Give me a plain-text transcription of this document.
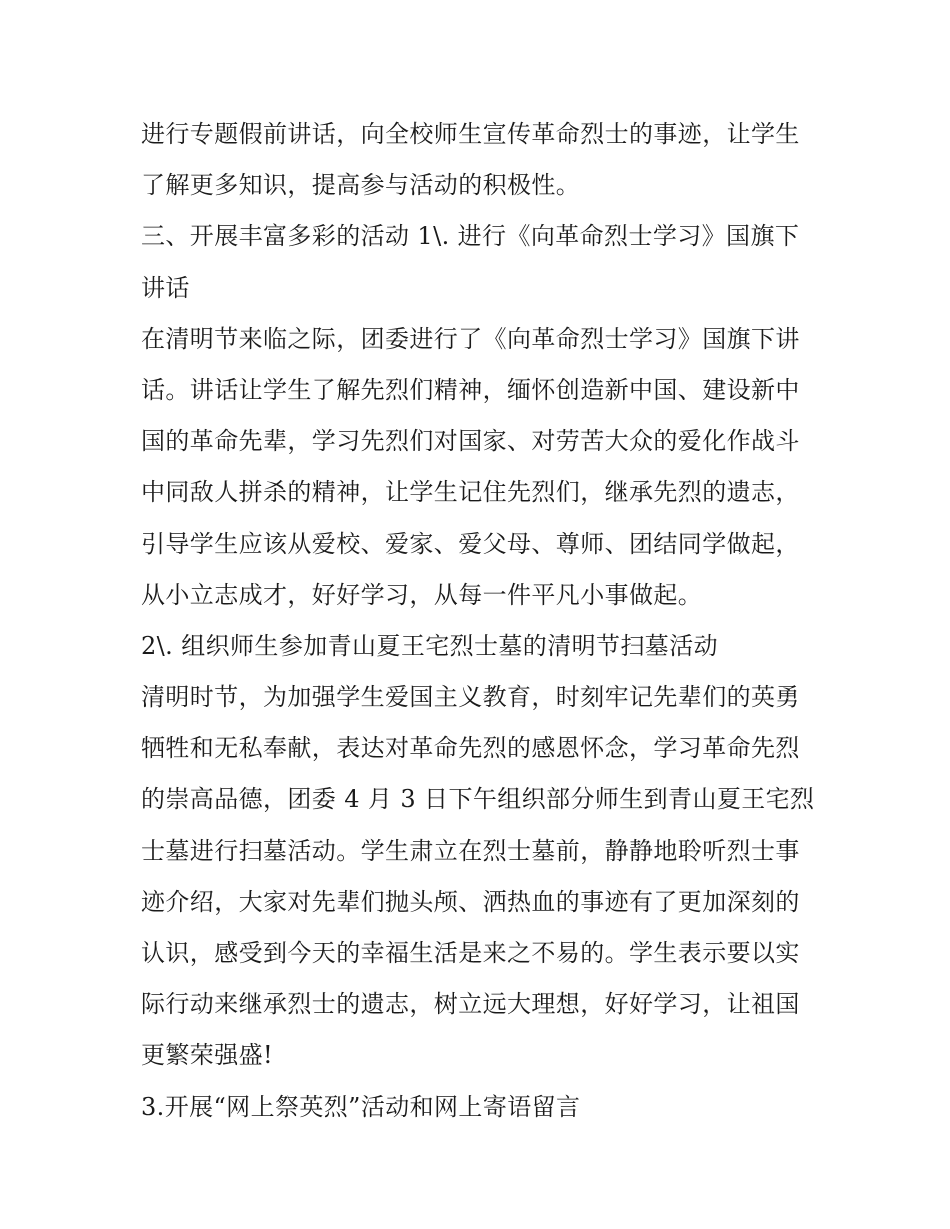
进行专题假前讲话，向全校师生宣传革命烈士的事迹，让学生
了解更多知识，提高参与活动的积极性。
三、开展丰富多彩的活动 1\. 进行《向革命烈士学习》国旗下
讲话
在清明节来临之际，团委进行了《向革命烈士学习》国旗下讲
话。讲话让学生了解先烈们精神，缅怀创造新中国、建设新中
国的革命先辈，学习先烈们对国家、对劳苦大众的爱化作战斗
中同敌人拼杀的精神，让学生记住先烈们，继承先烈的遗志，
引导学生应该从爱校、爱家、爱父母、尊师、团结同学做起，
从小立志成才，好好学习，从每一件平凡小事做起。
2\. 组织师生参加青山夏王宅烈士墓的清明节扫墓活动
清明时节，为加强学生爱国主义教育，时刻牢记先辈们的英勇
牺牲和无私奉献，表达对革命先烈的感恩怀念，学习革命先烈
的崇高品德，团委 4 月 3 日下午组织部分师生到青山夏王宅烈
士墓进行扫墓活动。学生肃立在烈士墓前，静静地聆听烈士事
迹介绍，大家对先辈们抛头颅、洒热血的事迹有了更加深刻的
认识，感受到今天的幸福生活是来之不易的。学生表示要以实
际行动来继承烈士的遗志，树立远大理想，好好学习，让祖国
更繁荣强盛!
3.开展“网上祭英烈”活动和网上寄语留言
